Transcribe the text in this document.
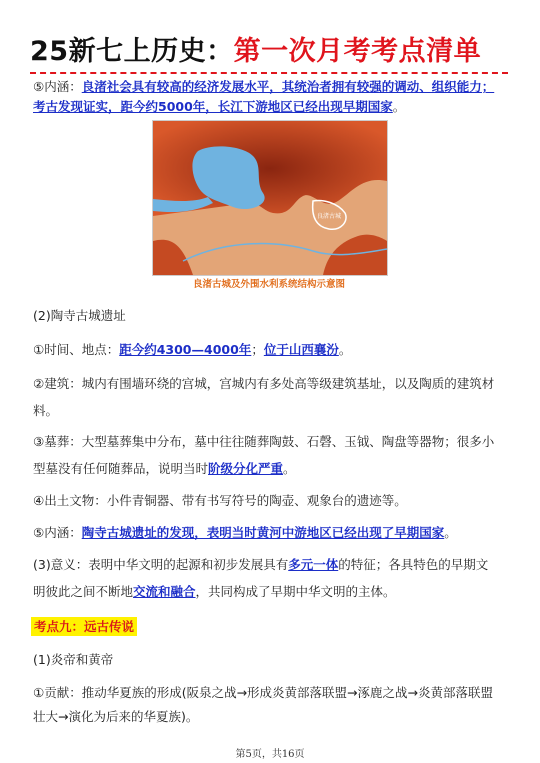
25新七上历史：第一次月考考点清单
⑤内涵：良渚社会具有较高的经济发展水平，其统治者拥有较强的调动、组织能力；
考古发现证实，距今约5000年，长江下游地区已经出现早期国家。
良渚古城
良渚古城及外围水利系统结构示意图
(2)陶寺古城遗址
①时间、地点：距今约4300—4000年；位于山西襄汾。
②建筑：城内有围墙环绕的宫城，宫城内有多处高等级建筑基址，以及陶质的建筑材
料。
③墓葬：大型墓葬集中分布，墓中往往随葬陶鼓、石磬、玉钺、陶盘等器物；很多小
型墓没有任何随葬品，说明当时阶级分化严重。
④出土文物：小件青铜器、带有书写符号的陶壶、观象台的遗迹等。
⑤内涵：陶寺古城遗址的发现，表明当时黄河中游地区已经出现了早期国家。
(3)意义：表明中华文明的起源和初步发展具有多元一体的特征；各具特色的早期文
明彼此之间不断地交流和融合，共同构成了早期中华文明的主体。
考点九：远古传说
(1)炎帝和黄帝
①贡献：推动华夏族的形成(阪泉之战→形成炎黄部落联盟→涿鹿之战→炎黄部落联盟
壮大→演化为后来的华夏族)。
第5页，共16页
